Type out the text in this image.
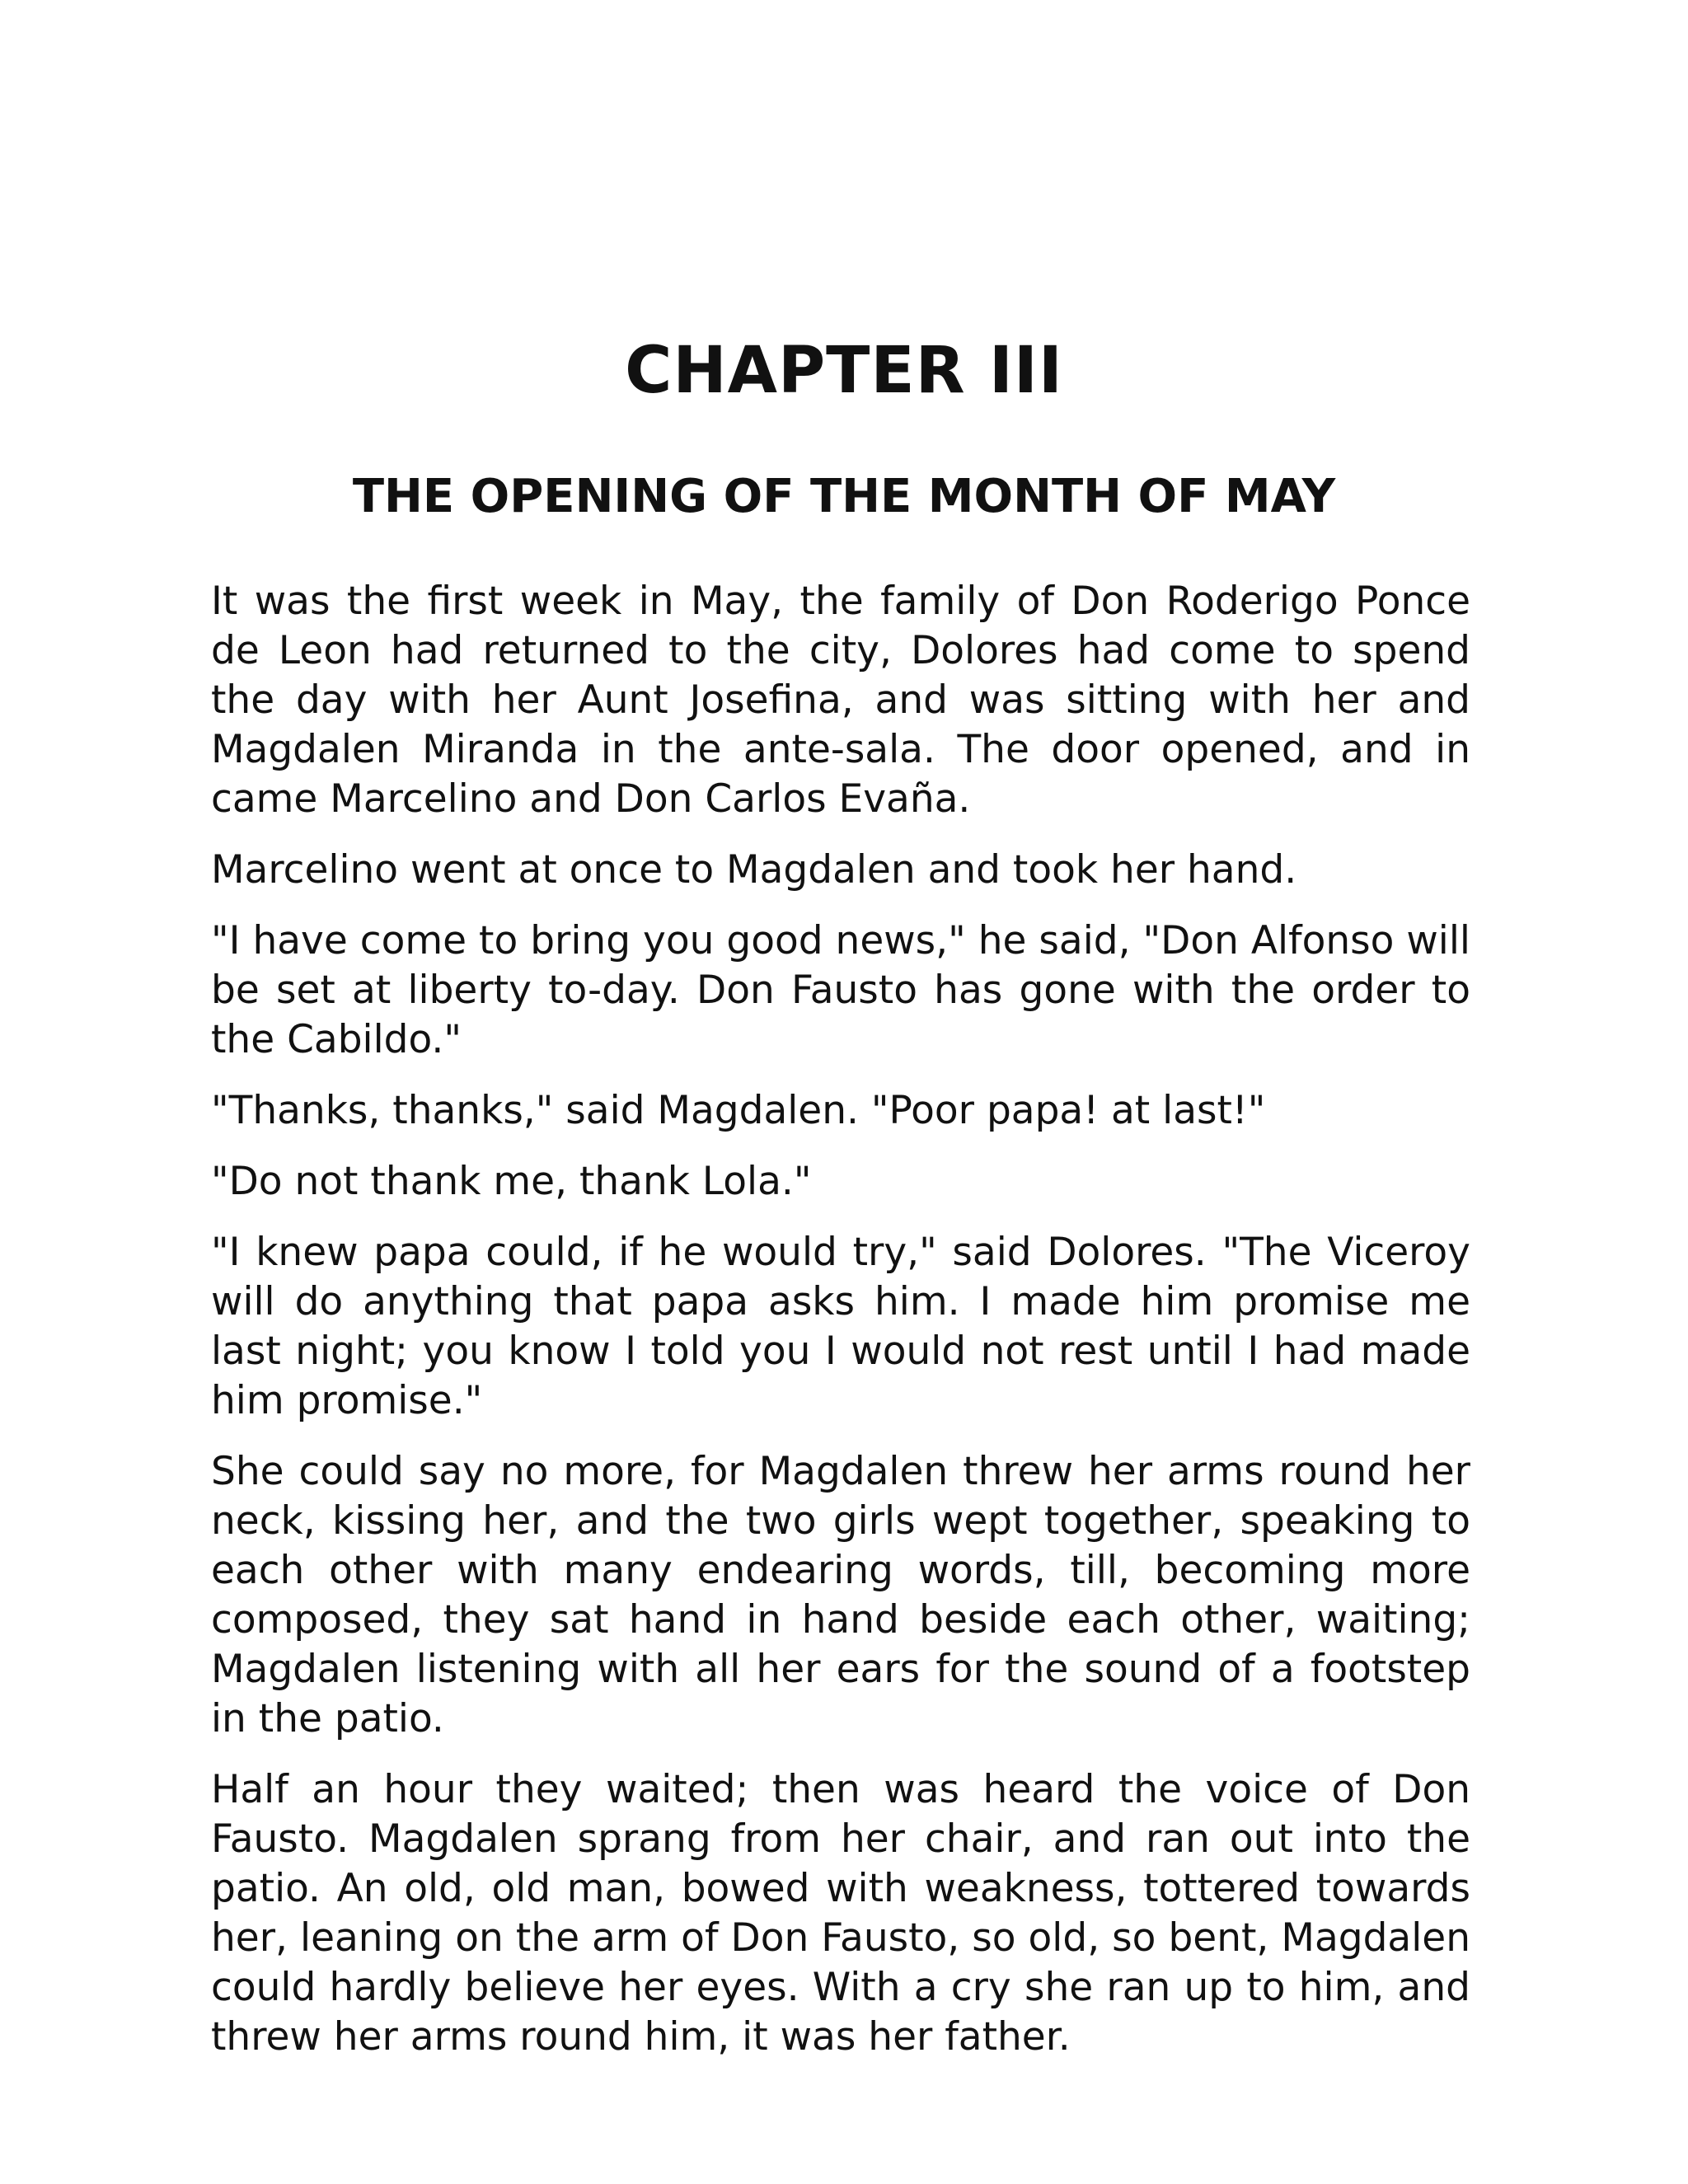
CHAPTER III
THE OPENING OF THE MONTH OF MAY

It was the first week in May, the family of Don Roderigo Ponce de Leon had returned to the city, Dolores had come to spend the day with her Aunt Josefina, and was sitting with her and Magdalen Miranda in the ante-sala. The door opened, and in came Marcelino and Don Carlos Evaña.

Marcelino went at once to Magdalen and took her hand.

"I have come to bring you good news," he said, "Don Alfonso will be set at liberty to-day. Don Fausto has gone with the order to the Cabildo."

"Thanks, thanks," said Magdalen. "Poor papa! at last!"

"Do not thank me, thank Lola."

"I knew papa could, if he would try," said Dolores. "The Viceroy will do anything that papa asks him. I made him promise me last night; you know I told you I would not rest until I had made him promise."

She could say no more, for Magdalen threw her arms round her neck, kissing her, and the two girls wept together, speaking to each other with many endearing words, till, becoming more composed, they sat hand in hand beside each other, waiting; Magdalen listening with all her ears for the sound of a footstep in the patio.

Half an hour they waited; then was heard the voice of Don Fausto. Magdalen sprang from her chair, and ran out into the patio. An old, old man, bowed with weakness, tottered towards her, leaning on the arm of Don Fausto, so old, so bent, Magdalen could hardly believe her eyes. With a cry she ran up to him, and threw her arms round him, it was her father.
